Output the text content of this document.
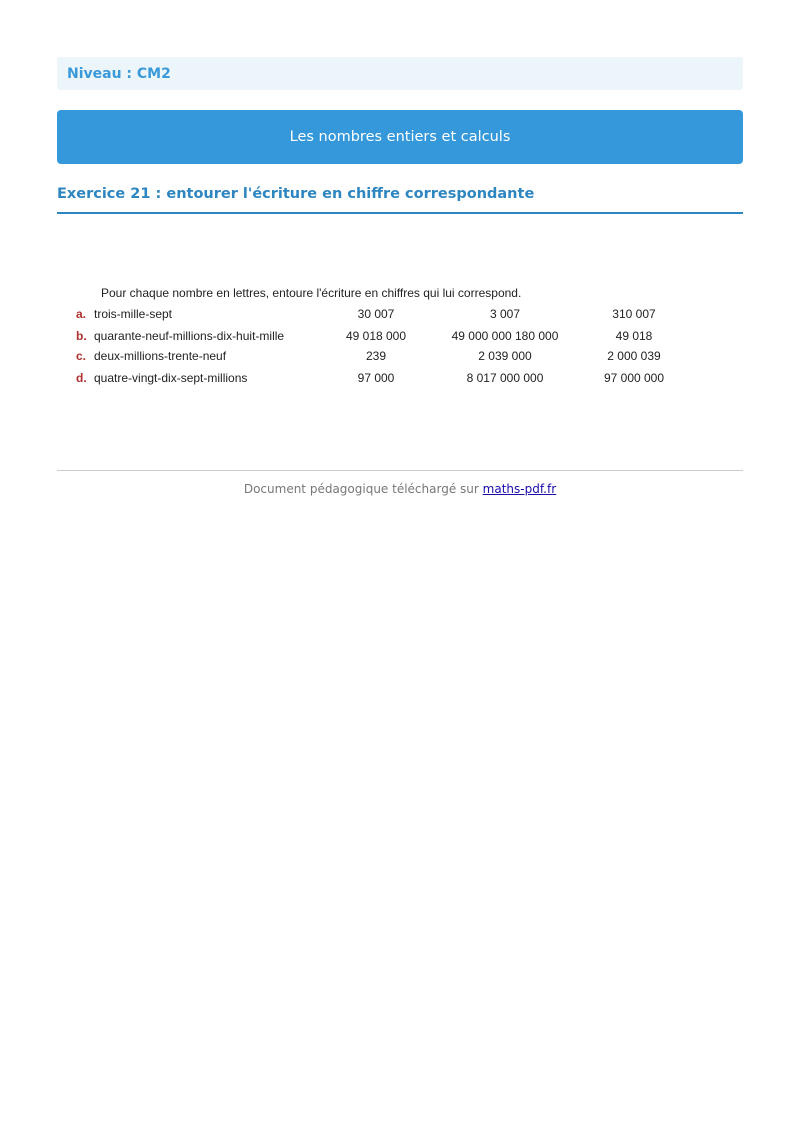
Niveau : CM2
Les nombres entiers et calculs
Exercice 21 : entourer l'écriture en chiffre correspondante
Pour chaque nombre en lettres, entoure l'écriture en chiffres qui lui correspond.
a. trois-mille-sept	30 007	3 007	310 007
b. quarante-neuf-millions-dix-huit-mille	49 018 000	49 000 000 180 000	49 018
c. deux-millions-trente-neuf	239	2 039 000	2 000 039
d. quatre-vingt-dix-sept-millions	97 000	8 017 000 000	97 000 000
Document pédagogique téléchargé sur maths-pdf.fr
